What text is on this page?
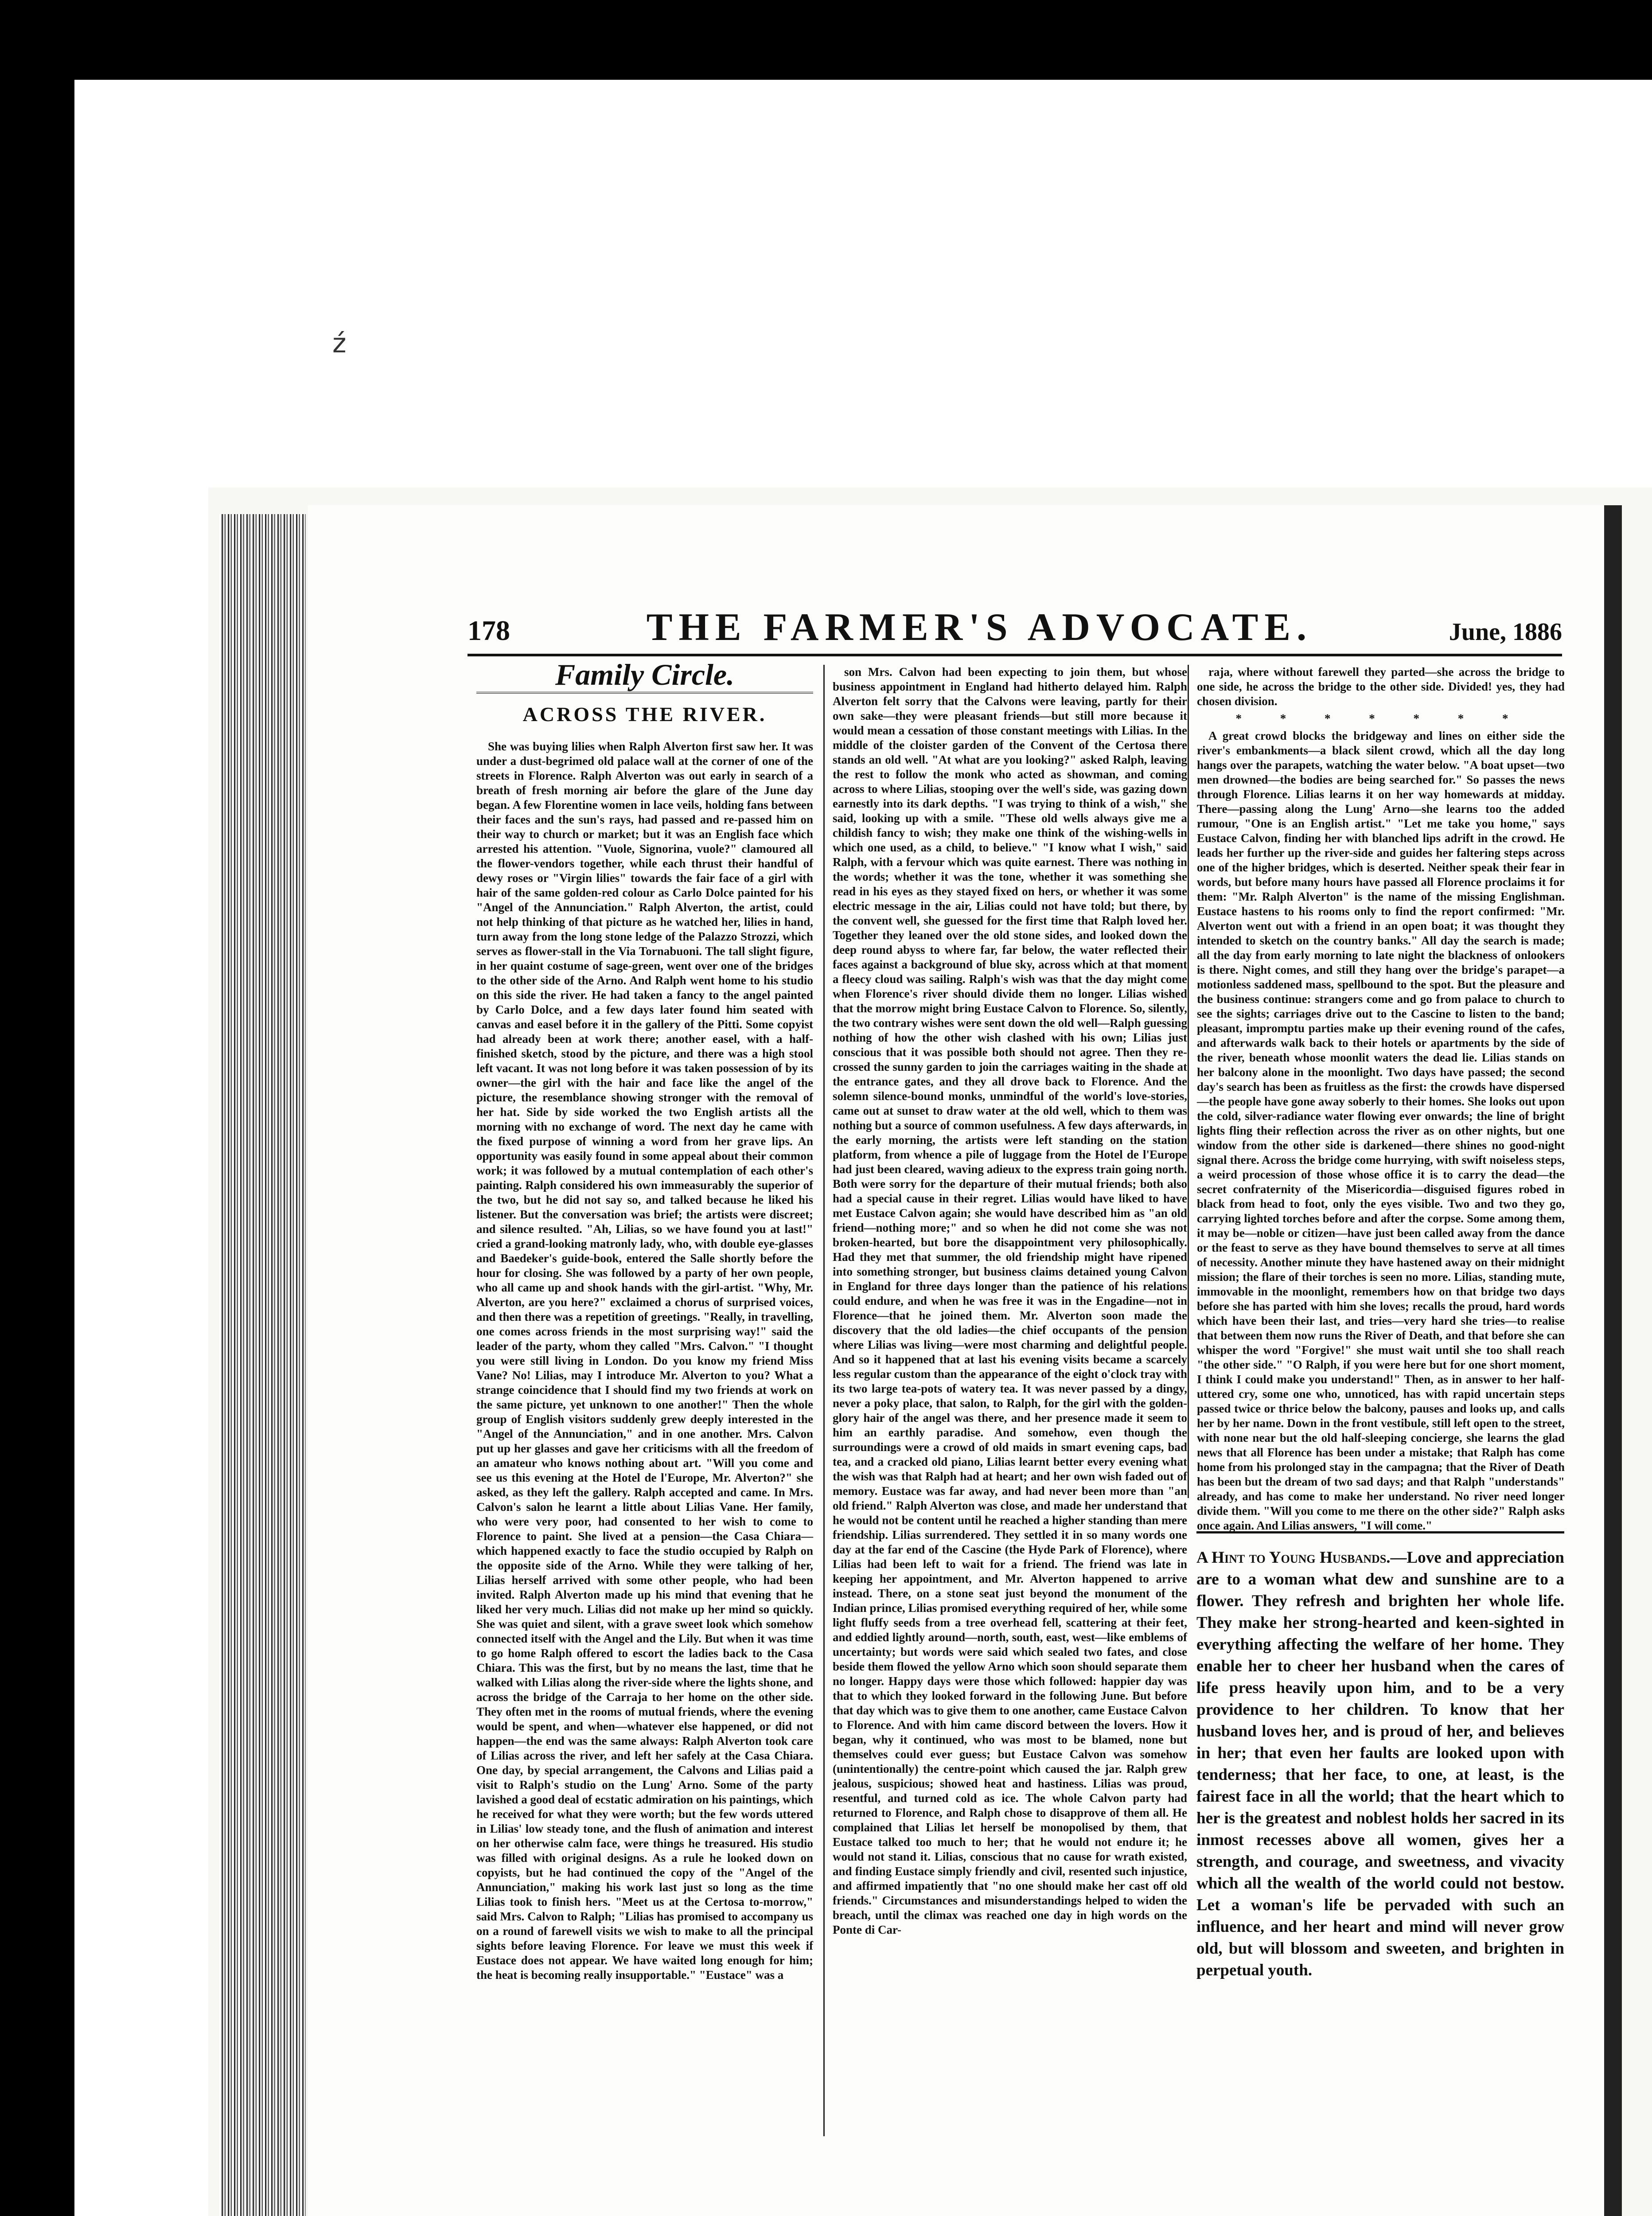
ź
178	THE FARMER'S ADVOCATE.	June, 1886
Family Circle.
ACROSS THE RIVER.

She was buying lilies when Ralph Alverton first saw her. It was under a dust-begrimed old palace wall at the corner of one of the streets in Florence. Ralph Alverton was out early in search of a breath of fresh morning air before the glare of the June day began. A few Florentine women in lace veils, holding fans between their faces and the sun's rays, had passed and re-passed him on their way to church or market; but it was an English face which arrested his attention. "Vuole, Signorina, vuole?" clamoured all the flower-vendors together, while each thrust their handful of dewy roses or "Virgin lilies" towards the fair face of a girl with hair of the same golden-red colour as Carlo Dolce painted for his "Angel of the Annunciation." Ralph Alverton, the artist, could not help thinking of that picture as he watched her, lilies in hand, turn away from the long stone ledge of the Palazzo Strozzi, which serves as flower-stall in the Via Tornabuoni. The tall slight figure, in her quaint costume of sage-green, went over one of the bridges to the other side of the Arno. And Ralph went home to his studio on this side the river. He had taken a fancy to the angel painted by Carlo Dolce, and a few days later found him seated with canvas and easel before it in the gallery of the Pitti. Some copyist had already been at work there; another easel, with a half-finished sketch, stood by the picture, and there was a high stool left vacant. It was not long before it was taken possession of by its owner—the girl with the hair and face like the angel of the picture, the resemblance showing stronger with the removal of her hat. Side by side worked the two English artists all the morning with no exchange of word. The next day he came with the fixed purpose of winning a word from her grave lips. An opportunity was easily found in some appeal about their common work; it was followed by a mutual contemplation of each other's painting. Ralph considered his own immeasurably the superior of the two, but he did not say so, and talked because he liked his listener. But the conversation was brief; the artists were discreet; and silence resulted. "Ah, Lilias, so we have found you at last!" cried a grand-looking matronly lady, who, with double eye-glasses and Baedeker's guide-book, entered the Salle shortly before the hour for closing. She was followed by a party of her own people, who all came up and shook hands with the girl-artist. "Why, Mr. Alverton, are you here?" exclaimed a chorus of surprised voices, and then there was a repetition of greetings. "Really, in travelling, one comes across friends in the most surprising way!" said the leader of the party, whom they called "Mrs. Calvon." "I thought you were still living in London. Do you know my friend Miss Vane? No! Lilias, may I introduce Mr. Alverton to you? What a strange coincidence that I should find my two friends at work on the same picture, yet unknown to one another!" Then the whole group of English visitors suddenly grew deeply interested in the "Angel of the Annunciation," and in one another. Mrs. Calvon put up her glasses and gave her criticisms with all the freedom of an amateur who knows nothing about art. "Will you come and see us this evening at the Hotel de l'Europe, Mr. Alverton?" she asked, as they left the gallery. Ralph accepted and came. In Mrs. Calvon's salon he learnt a little about Lilias Vane. Her family, who were very poor, had consented to her wish to come to Florence to paint. She lived at a pension—the Casa Chiara—which happened exactly to face the studio occupied by Ralph on the opposite side of the Arno. While they were talking of her, Lilias herself arrived with some other people, who had been invited. Ralph Alverton made up his mind that evening that he liked her very much. Lilias did not make up her mind so quickly. She was quiet and silent, with a grave sweet look which somehow connected itself with the Angel and the Lily. But when it was time to go home Ralph offered to escort the ladies back to the Casa Chiara. This was the first, but by no means the last, time that he walked with Lilias along the river-side where the lights shone, and across the bridge of the Carraja to her home on the other side. They often met in the rooms of mutual friends, where the evening would be spent, and when—whatever else happened, or did not happen—the end was the same always: Ralph Alverton took care of Lilias across the river, and left her safely at the Casa Chiara. One day, by special arrangement, the Calvons and Lilias paid a visit to Ralph's studio on the Lung' Arno. Some of the party lavished a good deal of ecstatic admiration on his paintings, which he received for what they were worth; but the few words uttered in Lilias' low steady tone, and the flush of animation and interest on her otherwise calm face, were things he treasured. His studio was filled with original designs. As a rule he looked down on copyists, but he had continued the copy of the "Angel of the Annunciation," making his work last just so long as the time Lilias took to finish hers. "Meet us at the Certosa to-morrow," said Mrs. Calvon to Ralph; "Lilias has promised to accompany us on a round of farewell visits we wish to make to all the principal sights before leaving Florence. For leave we must this week if Eustace does not appear. We have waited long enough for him; the heat is becoming really insupportable." "Eustace" was a

son Mrs. Calvon had been expecting to join them, but whose business appointment in England had hitherto delayed him. Ralph Alverton felt sorry that the Calvons were leaving, partly for their own sake—they were pleasant friends—but still more because it would mean a cessation of those constant meetings with Lilias. In the middle of the cloister garden of the Convent of the Certosa there stands an old well. "At what are you looking?" asked Ralph, leaving the rest to follow the monk who acted as showman, and coming across to where Lilias, stooping over the well's side, was gazing down earnestly into its dark depths. "I was trying to think of a wish," she said, looking up with a smile. "These old wells always give me a childish fancy to wish; they make one think of the wishing-wells in which one used, as a child, to believe." "I know what I wish," said Ralph, with a fervour which was quite earnest. There was nothing in the words; whether it was the tone, whether it was something she read in his eyes as they stayed fixed on hers, or whether it was some electric message in the air, Lilias could not have told; but there, by the convent well, she guessed for the first time that Ralph loved her. Together they leaned over the old stone sides, and looked down the deep round abyss to where far, far below, the water reflected their faces against a background of blue sky, across which at that moment a fleecy cloud was sailing. Ralph's wish was that the day might come when Florence's river should divide them no longer. Lilias wished that the morrow might bring Eustace Calvon to Florence. So, silently, the two contrary wishes were sent down the old well—Ralph guessing nothing of how the other wish clashed with his own; Lilias just conscious that it was possible both should not agree. Then they re-crossed the sunny garden to join the carriages waiting in the shade at the entrance gates, and they all drove back to Florence. And the solemn silence-bound monks, unmindful of the world's love-stories, came out at sunset to draw water at the old well, which to them was nothing but a source of common usefulness. A few days afterwards, in the early morning, the artists were left standing on the station platform, from whence a pile of luggage from the Hotel de l'Europe had just been cleared, waving adieux to the express train going north. Both were sorry for the departure of their mutual friends; both also had a special cause in their regret. Lilias would have liked to have met Eustace Calvon again; she would have described him as "an old friend—nothing more;" and so when he did not come she was not broken-hearted, but bore the disappointment very philosophically. Had they met that summer, the old friendship might have ripened into something stronger, but business claims detained young Calvon in England for three days longer than the patience of his relations could endure, and when he was free it was in the Engadine—not in Florence—that he joined them. Mr. Alverton soon made the discovery that the old ladies—the chief occupants of the pension where Lilias was living—were most charming and delightful people. And so it happened that at last his evening visits became a scarcely less regular custom than the appearance of the eight o'clock tray with its two large tea-pots of watery tea. It was never passed by a dingy, never a poky place, that salon, to Ralph, for the girl with the golden-glory hair of the angel was there, and her presence made it seem to him an earthly paradise. And somehow, even though the surroundings were a crowd of old maids in smart evening caps, bad tea, and a cracked old piano, Lilias learnt better every evening what the wish was that Ralph had at heart; and her own wish faded out of memory. Eustace was far away, and had never been more than "an old friend." Ralph Alverton was close, and made her understand that he would not be content until he reached a higher standing than mere friendship. Lilias surrendered. They settled it in so many words one day at the far end of the Cascine (the Hyde Park of Florence), where Lilias had been left to wait for a friend. The friend was late in keeping her appointment, and Mr. Alverton happened to arrive instead. There, on a stone seat just beyond the monument of the Indian prince, Lilias promised everything required of her, while some light fluffy seeds from a tree overhead fell, scattering at their feet, and eddied lightly around—north, south, east, west—like emblems of uncertainty; but words were said which sealed two fates, and close beside them flowed the yellow Arno which soon should separate them no longer. Happy days were those which followed: happier day was that to which they looked forward in the following June. But before that day which was to give them to one another, came Eustace Calvon to Florence. And with him came discord between the lovers. How it began, why it continued, who was most to be blamed, none but themselves could ever guess; but Eustace Calvon was somehow (unintentionally) the centre-point which caused the jar. Ralph grew jealous, suspicious; showed heat and hastiness. Lilias was proud, resentful, and turned cold as ice. The whole Calvon party had returned to Florence, and Ralph chose to disapprove of them all. He complained that Lilias let herself be monopolised by them, that Eustace talked too much to her; that he would not endure it; he would not stand it. Lilias, conscious that no cause for wrath existed, and finding Eustace simply friendly and civil, resented such injustice, and affirmed impatiently that "no one should make her cast off old friends." Circumstances and misunderstandings helped to widen the breach, until the climax was reached one day in high words on the Ponte di Car-

raja, where without farewell they parted—she across the bridge to one side, he across the bridge to the other side. Divided! yes, they had chosen division.

* * * * * * *

A great crowd blocks the bridgeway and lines on either side the river's embankments—a black silent crowd, which all the day long hangs over the parapets, watching the water below. "A boat upset—two men drowned—the bodies are being searched for." So passes the news through Florence. Lilias learns it on her way homewards at midday. There—passing along the Lung' Arno—she learns too the added rumour, "One is an English artist." "Let me take you home," says Eustace Calvon, finding her with blanched lips adrift in the crowd. He leads her further up the river-side and guides her faltering steps across one of the higher bridges, which is deserted. Neither speak their fear in words, but before many hours have passed all Florence proclaims it for them: "Mr. Ralph Alverton" is the name of the missing Englishman. Eustace hastens to his rooms only to find the report confirmed: "Mr. Alverton went out with a friend in an open boat; it was thought they intended to sketch on the country banks." All day the search is made; all the day from early morning to late night the blackness of onlookers is there. Night comes, and still they hang over the bridge's parapet—a motionless saddened mass, spellbound to the spot. But the pleasure and the business continue: strangers come and go from palace to church to see the sights; carriages drive out to the Cascine to listen to the band; pleasant, impromptu parties make up their evening round of the cafes, and afterwards walk back to their hotels or apartments by the side of the river, beneath whose moonlit waters the dead lie. Lilias stands on her balcony alone in the moonlight. Two days have passed; the second day's search has been as fruitless as the first: the crowds have dispersed—the people have gone away soberly to their homes. She looks out upon the cold, silver-radiance water flowing ever onwards; the line of bright lights fling their reflection across the river as on other nights, but one window from the other side is darkened—there shines no good-night signal there. Across the bridge come hurrying, with swift noiseless steps, a weird procession of those whose office it is to carry the dead—the secret confraternity of the Misericordia—disguised figures robed in black from head to foot, only the eyes visible. Two and two they go, carrying lighted torches before and after the corpse. Some among them, it may be—noble or citizen—have just been called away from the dance or the feast to serve as they have bound themselves to serve at all times of necessity. Another minute they have hastened away on their midnight mission; the flare of their torches is seen no more. Lilias, standing mute, immovable in the moonlight, remembers how on that bridge two days before she has parted with him she loves; recalls the proud, hard words which have been their last, and tries—very hard she tries—to realise that between them now runs the River of Death, and that before she can whisper the word "Forgive!" she must wait until she too shall reach "the other side." "O Ralph, if you were here but for one short moment, I think I could make you understand!" Then, as in answer to her half-uttered cry, some one who, unnoticed, has with rapid uncertain steps passed twice or thrice below the balcony, pauses and looks up, and calls her by her name. Down in the front vestibule, still left open to the street, with none near but the old half-sleeping concierge, she learns the glad news that all Florence has been under a mistake; that Ralph has come home from his prolonged stay in the campagna; that the River of Death has been but the dream of two sad days; and that Ralph "understands" already, and has come to make her understand. No river need longer divide them. "Will you come to me there on the other side?" Ralph asks once again. And Lilias answers, "I will come."

A Hint to Young Husbands.—Love and appreciation are to a woman what dew and sunshine are to a flower. They refresh and brighten her whole life. They make her strong-hearted and keen-sighted in everything affecting the welfare of her home. They enable her to cheer her husband when the cares of life press heavily upon him, and to be a very providence to her children. To know that her husband loves her, and is proud of her, and believes in her; that even her faults are looked upon with tenderness; that her face, to one, at least, is the fairest face in all the world; that the heart which to her is the greatest and noblest holds her sacred in its inmost recesses above all women, gives her a strength, and courage, and sweetness, and vivacity which all the wealth of the world could not bestow. Let a woman's life be pervaded with such an influence, and her heart and mind will never grow old, but will blossom and sweeten, and brighten in perpetual youth.
